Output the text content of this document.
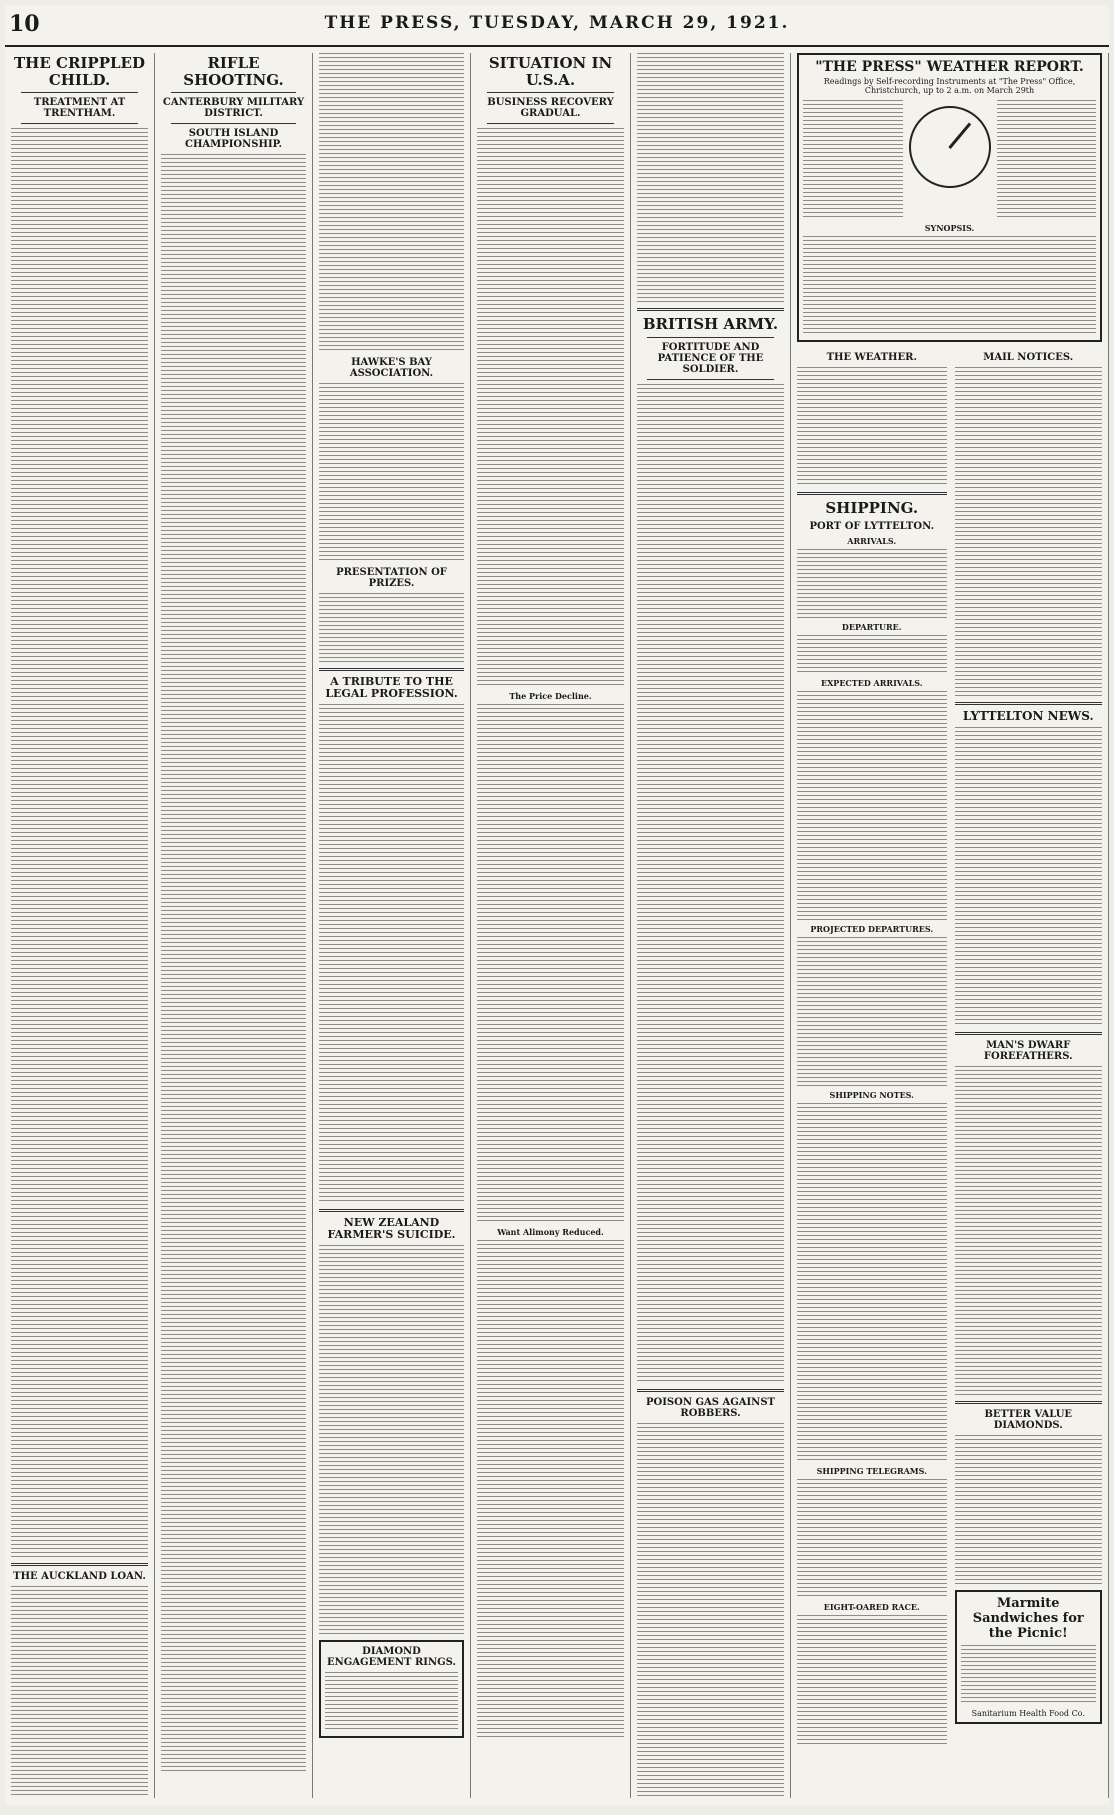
10	THE PRESS, TUESDAY, MARCH 29, 1921.
THE CRIPPLED CHILD.
TREATMENT AT TRENTHAM.
THE AUCKLAND LOAN.
RIFLE SHOOTING.
CANTERBURY MILITARY DISTRICT.
SOUTH ISLAND CHAMPIONSHIP.
HAWKE'S BAY ASSOCIATION.
PRESENTATION OF PRIZES.
A TRIBUTE TO THE LEGAL PROFESSION.
NEW ZEALAND FARMER'S SUICIDE.
DIAMOND ENGAGEMENT RINGS.
SITUATION IN U.S.A.
BUSINESS RECOVERY GRADUAL.
The Price Decline.
Want Alimony Reduced.
BRITISH ARMY.
FORTITUDE AND PATIENCE OF THE SOLDIER.
POISON GAS AGAINST ROBBERS.
"THE PRESS" WEATHER REPORT.
Readings by Self-recording Instruments at "The Press" Office, Christchurch, up to 2 a.m. on March 29th
SYNOPSIS.
THE WEATHER.
SHIPPING.
PORT OF LYTTELTON.
ARRIVALS.
DEPARTURE.
EXPECTED ARRIVALS.
PROJECTED DEPARTURES.
SHIPPING NOTES.
SHIPPING TELEGRAMS.
EIGHT-OARED RACE.
MAIL NOTICES.
LYTTELTON NEWS.
MAN'S DWARF FOREFATHERS.
BETTER VALUE DIAMONDS.
Marmite Sandwiches for the Picnic!
Sanitarium Health Food Co.
